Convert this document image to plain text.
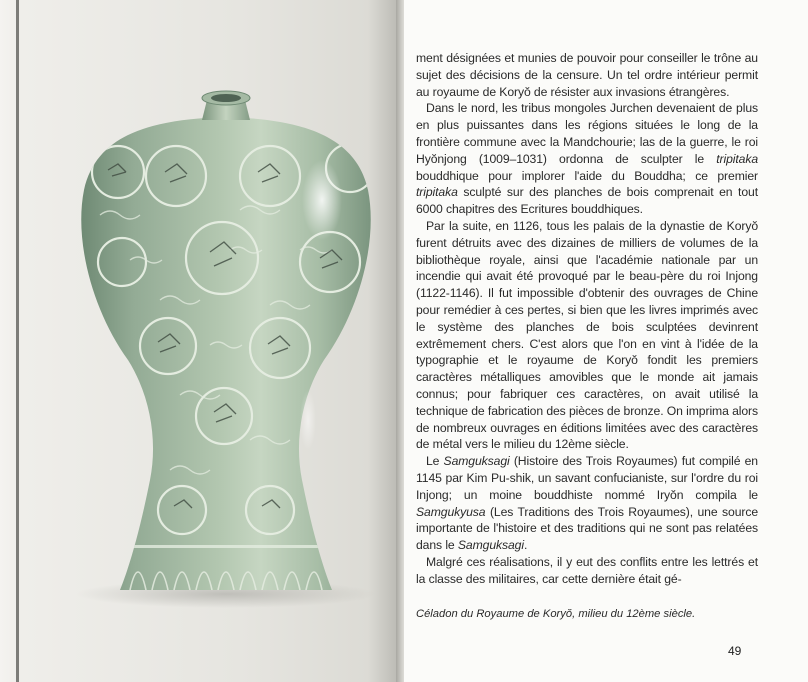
ment désignées et munies de pouvoir pour conseiller le trône au sujet des décisions de la censure. Un tel ordre intérieur permit au royaume de Koryŏ de résister aux invasions étrangères.

Dans le nord, les tribus mongoles Jurchen devenaient de plus en plus puissantes dans les régions situées le long de la frontière commune avec la Mandchourie; las de la guerre, le roi Hyŏnjong (1009–1031) ordonna de sculpter le tripitaka bouddhique pour implorer l'aide du Bouddha; ce premier tripitaka sculpté sur des planches de bois comprenait en tout 6000 chapitres des Ecritures bouddhiques.

Par la suite, en 1126, tous les palais de la dynastie de Koryŏ furent détruits avec des dizaines de milliers de volumes de la bibliothèque royale, ainsi que l'académie nationale par un incendie qui avait été provoqué par le beau-père du roi Injong (1122-1146). Il fut impossible d'obtenir des ouvrages de Chine pour remédier à ces pertes, si bien que les livres imprimés avec le système des planches de bois sculptées devinrent extrêmement chers. C'est alors que l'on en vint à l'idée de la typographie et le royaume de Koryŏ fondit les premiers caractères métalliques amovibles que le monde ait jamais connus; pour fabriquer ces caractères, on avait utilisé la technique de fabrication des pièces de bronze. On imprima alors de nombreux ouvrages en éditions limitées avec des caractères de métal vers le milieu du 12ème siècle.

Le Samguksagi (Histoire des Trois Royaumes) fut compilé en 1145 par Kim Pu-shik, un savant confucianiste, sur l'ordre du roi Injong; un moine bouddhiste nommé Iryŏn compila le Samgukyusa (Les Traditions des Trois Royaumes), une source importante de l'histoire et des traditions qui ne sont pas relatées dans le Samguksagi.

Malgré ces réalisations, il y eut des conflits entre les lettrés et la classe des militaires, car cette dernière était gé-

Céladon du Royaume de Koryŏ, milieu du 12ème siècle.
49
